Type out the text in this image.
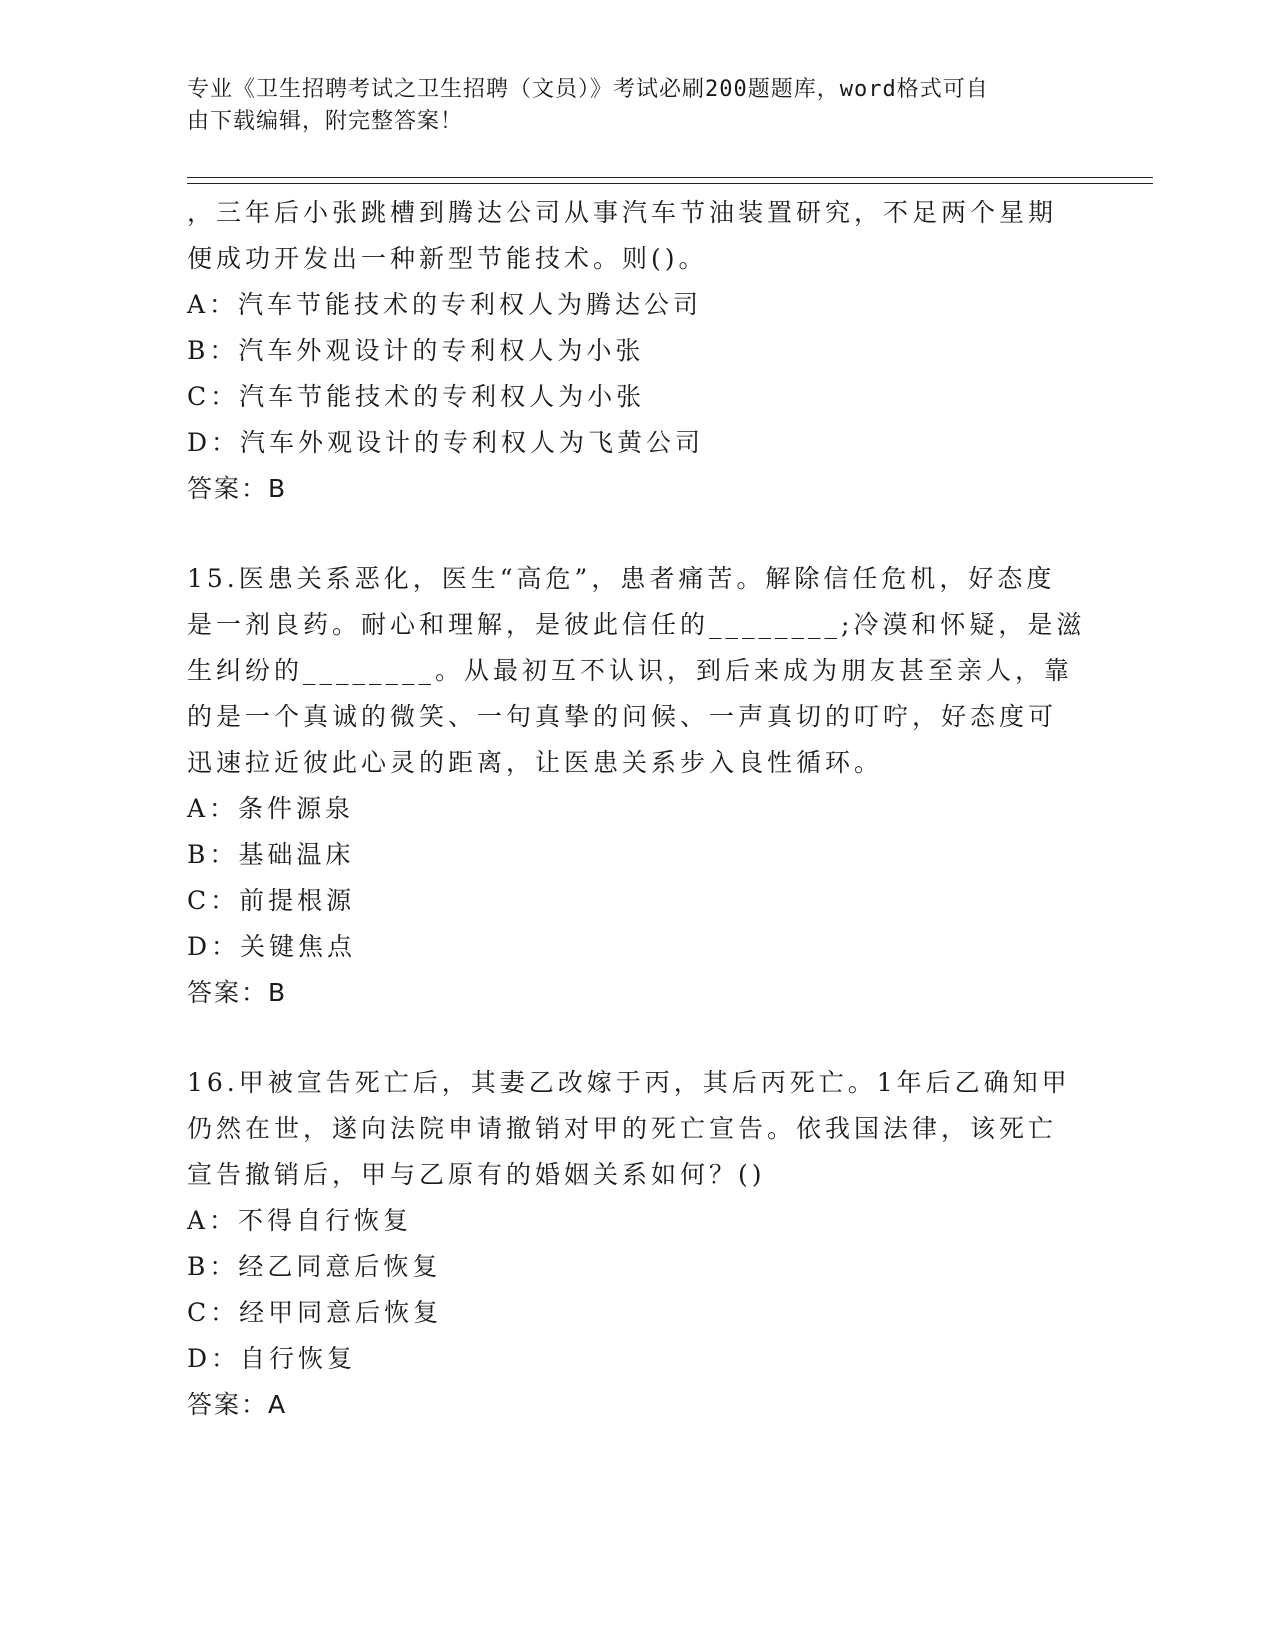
专业《卫生招聘考试之卫生招聘（文员）》考试必刷200题题库，word格式可自
由下载编辑，附完整答案！

，三年后小张跳槽到腾达公司从事汽车节油装置研究，不足两个星期

便成功开发出一种新型节能技术。则()。

A：汽车节能技术的专利权人为腾达公司

B：汽车外观设计的专利权人为小张

C：汽车节能技术的专利权人为小张

D：汽车外观设计的专利权人为飞黄公司

答案：B

15.医患关系恶化，医生“高危”，患者痛苦。解除信任危机，好态度

是一剂良药。耐心和理解，是彼此信任的________;冷漠和怀疑，是滋

生纠纷的________。从最初互不认识，到后来成为朋友甚至亲人，靠

的是一个真诚的微笑、一句真挚的问候、一声真切的叮咛，好态度可

迅速拉近彼此心灵的距离，让医患关系步入良性循环。

A：条件源泉

B：基础温床

C：前提根源

D：关键焦点

答案：B

16.甲被宣告死亡后，其妻乙改嫁于丙，其后丙死亡。1年后乙确知甲

仍然在世，遂向法院申请撤销对甲的死亡宣告。依我国法律，该死亡

宣告撤销后，甲与乙原有的婚姻关系如何？()

A：不得自行恢复

B：经乙同意后恢复

C：经甲同意后恢复

D：自行恢复

答案：A
